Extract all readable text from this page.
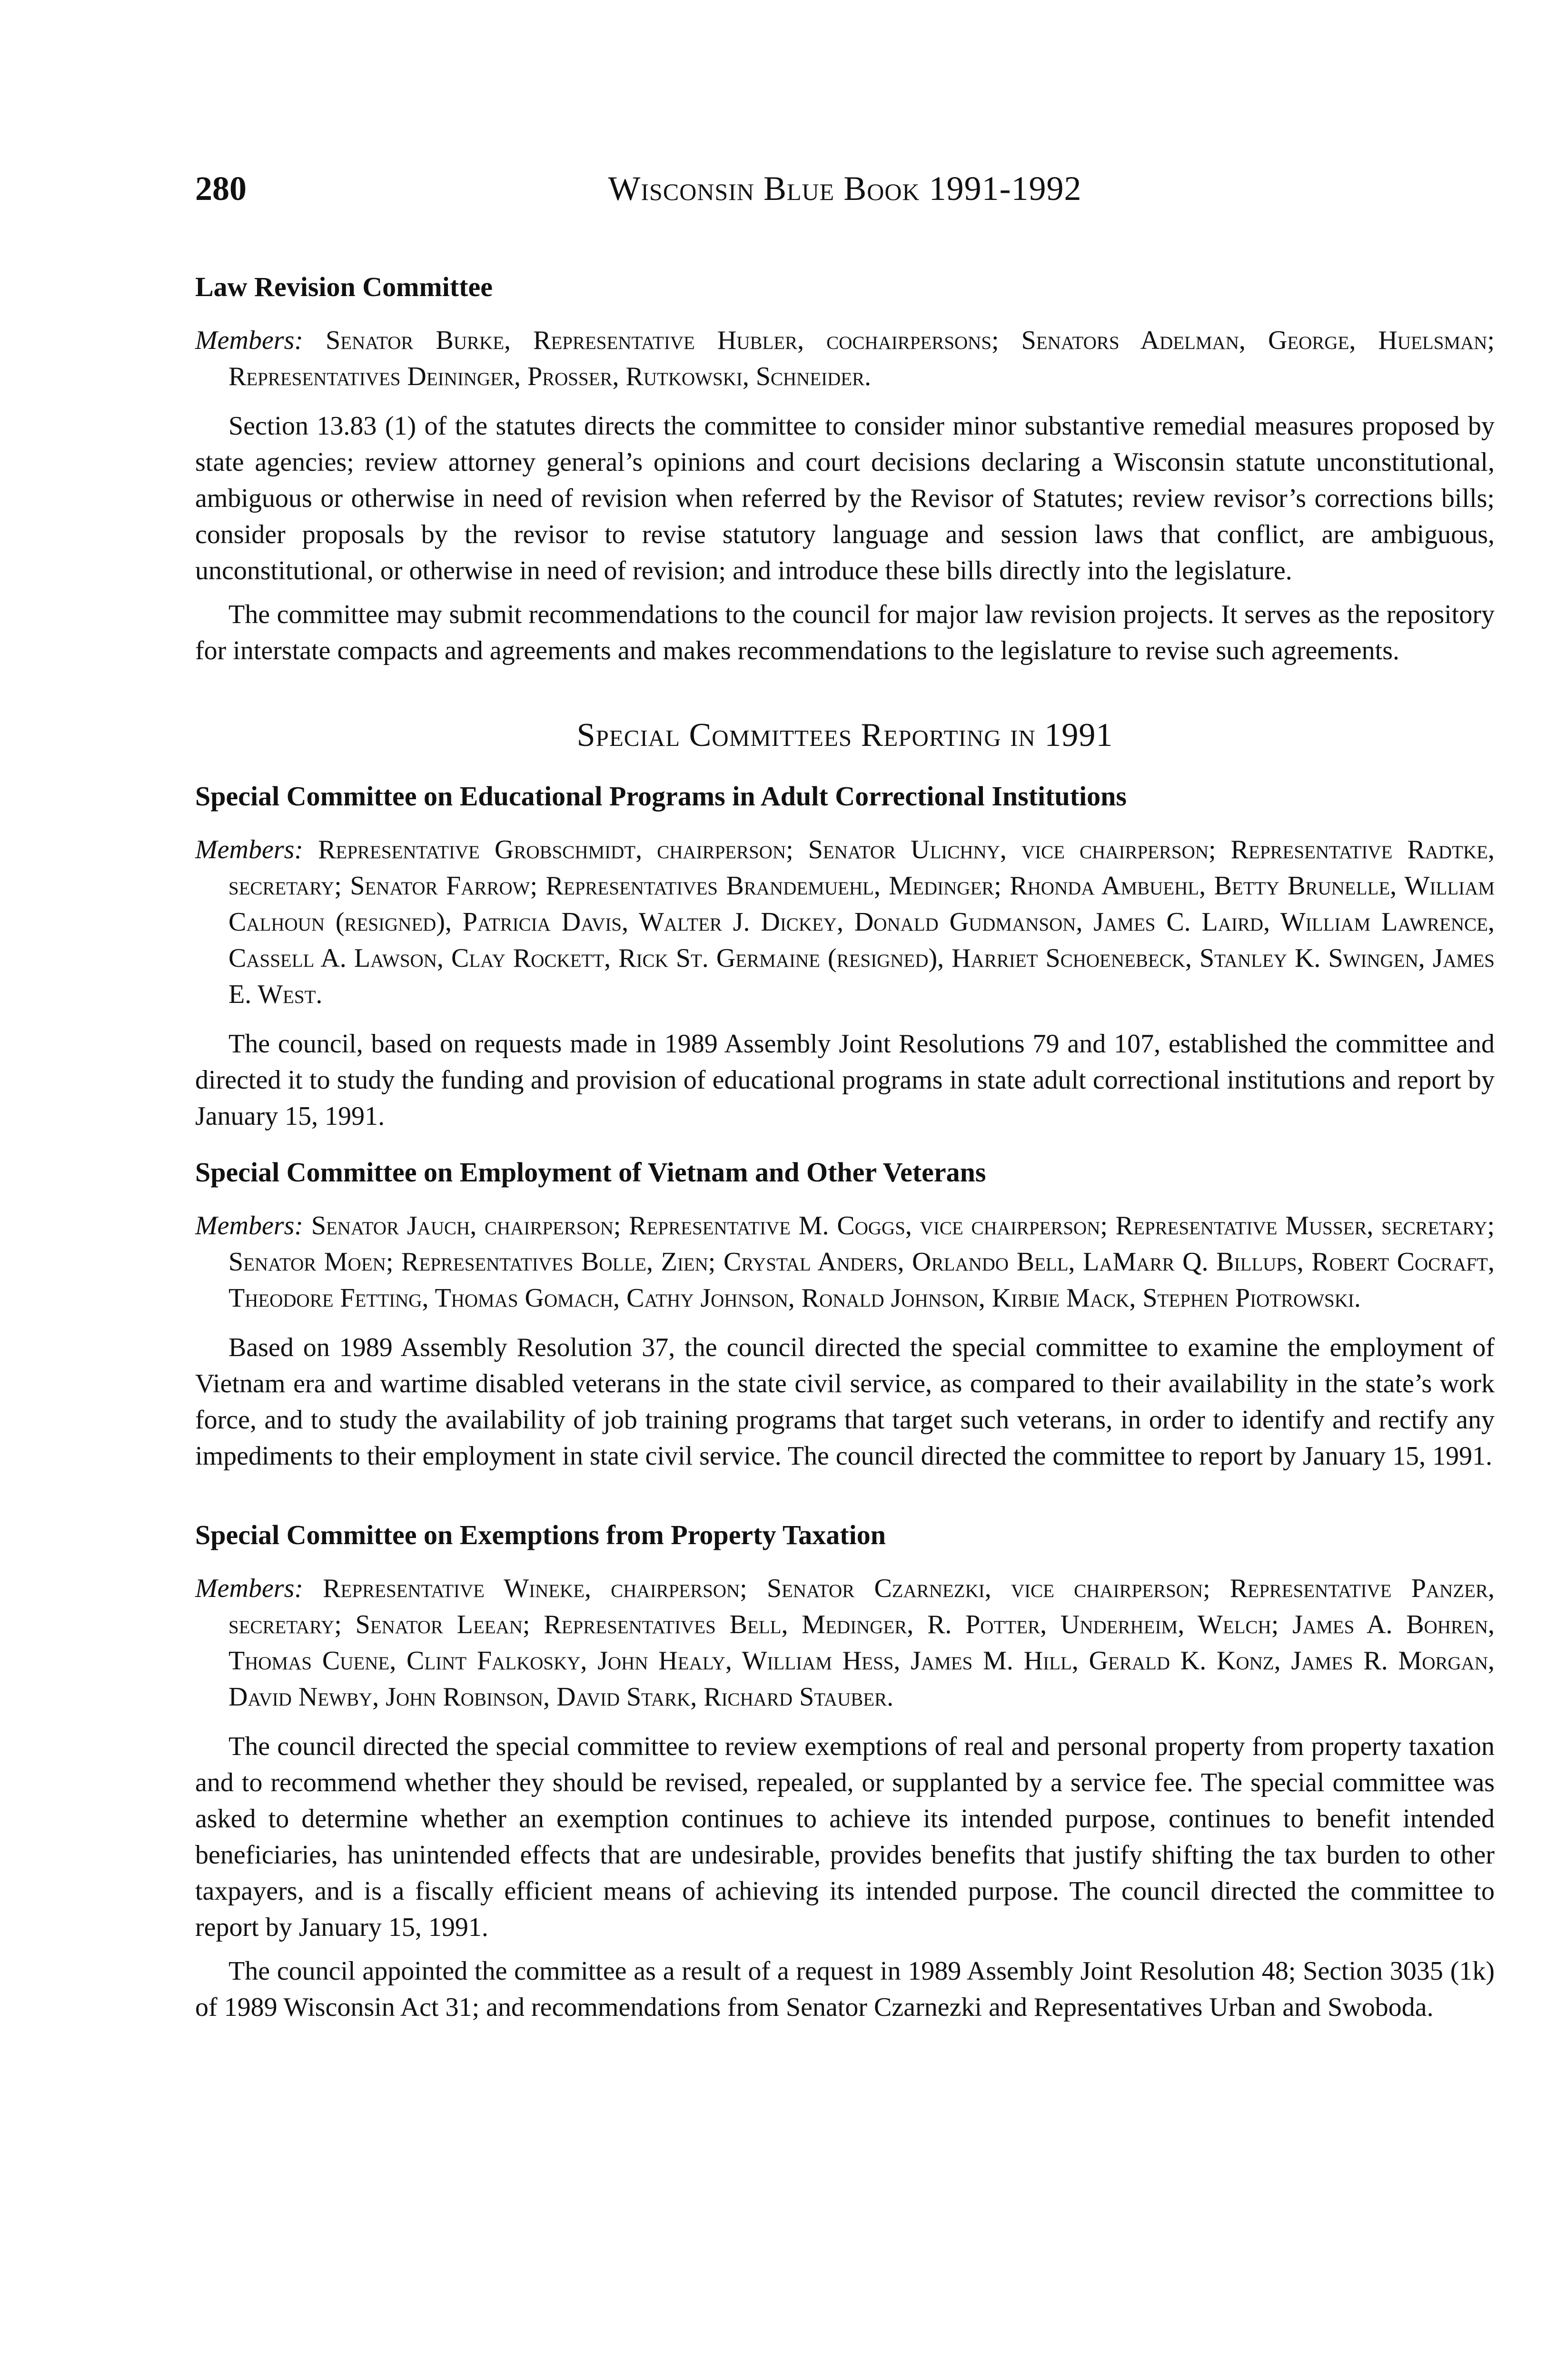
280	Wisconsin Blue Book 1991-1992
Law Revision Committee

Members: Senator Burke, Representative Hubler, cochairpersons; Senators Adelman, George, Huelsman; Representatives Deininger, Prosser, Rutkowski, Schneider.

Section 13.83 (1) of the statutes directs the committee to consider minor substantive remedial measures proposed by state agencies; review attorney general’s opinions and court decisions declaring a Wisconsin statute unconstitutional, ambiguous or otherwise in need of revision when referred by the Revisor of Statutes; review revisor’s corrections bills; consider proposals by the revisor to revise statutory language and session laws that conflict, are ambiguous, unconstitutional, or otherwise in need of revision; and introduce these bills directly into the legislature.

The committee may submit recommendations to the council for major law revision projects. It serves as the repository for interstate compacts and agreements and makes recommendations to the legislature to revise such agreements.

Special Committees Reporting in 1991
Special Committee on Educational Programs in Adult Correctional Institutions

Members: Representative Grobschmidt, chairperson; Senator Ulichny, vice chairperson; Representative Radtke, secretary; Senator Farrow; Representatives Brandemuehl, Medinger; Rhonda Ambuehl, Betty Brunelle, William Calhoun (resigned), Patricia Davis, Walter J. Dickey, Donald Gudmanson, James C. Laird, William Lawrence, Cassell A. Lawson, Clay Rockett, Rick St. Germaine (resigned), Harriet Schoenebeck, Stanley K. Swingen, James E. West.

The council, based on requests made in 1989 Assembly Joint Resolutions 79 and 107, established the committee and directed it to study the funding and provision of educational programs in state adult correctional institutions and report by January 15, 1991.

Special Committee on Employment of Vietnam and Other Veterans

Members: Senator Jauch, chairperson; Representative M. Coggs, vice chairperson; Representative Musser, secretary; Senator Moen; Representatives Bolle, Zien; Crystal Anders, Orlando Bell, LaMarr Q. Billups, Robert Cocraft, Theodore Fetting, Thomas Gomach, Cathy Johnson, Ronald Johnson, Kirbie Mack, Stephen Piotrowski.

Based on 1989 Assembly Resolution 37, the council directed the special committee to examine the employment of Vietnam era and wartime disabled veterans in the state civil service, as compared to their availability in the state’s work force, and to study the availability of job training programs that target such veterans, in order to identify and rectify any impediments to their employment in state civil service. The council directed the committee to report by January 15, 1991.

Special Committee on Exemptions from Property Taxation

Members: Representative Wineke, chairperson; Senator Czarnezki, vice chairperson; Representative Panzer, secretary; Senator Leean; Representatives Bell, Medinger, R. Potter, Underheim, Welch; James A. Bohren, Thomas Cuene, Clint Falkosky, John Healy, William Hess, James M. Hill, Gerald K. Konz, James R. Morgan, David Newby, John Robinson, David Stark, Richard Stauber.

The council directed the special committee to review exemptions of real and personal property from property taxation and to recommend whether they should be revised, repealed, or supplanted by a service fee. The special committee was asked to determine whether an exemption continues to achieve its intended purpose, continues to benefit intended beneficiaries, has unintended effects that are undesirable, provides benefits that justify shifting the tax burden to other taxpayers, and is a fiscally efficient means of achieving its intended purpose. The council directed the committee to report by January 15, 1991.

The council appointed the committee as a result of a request in 1989 Assembly Joint Resolution 48; Section 3035 (1k) of 1989 Wisconsin Act 31; and recommendations from Senator Czarnezki and Representatives Urban and Swoboda.
